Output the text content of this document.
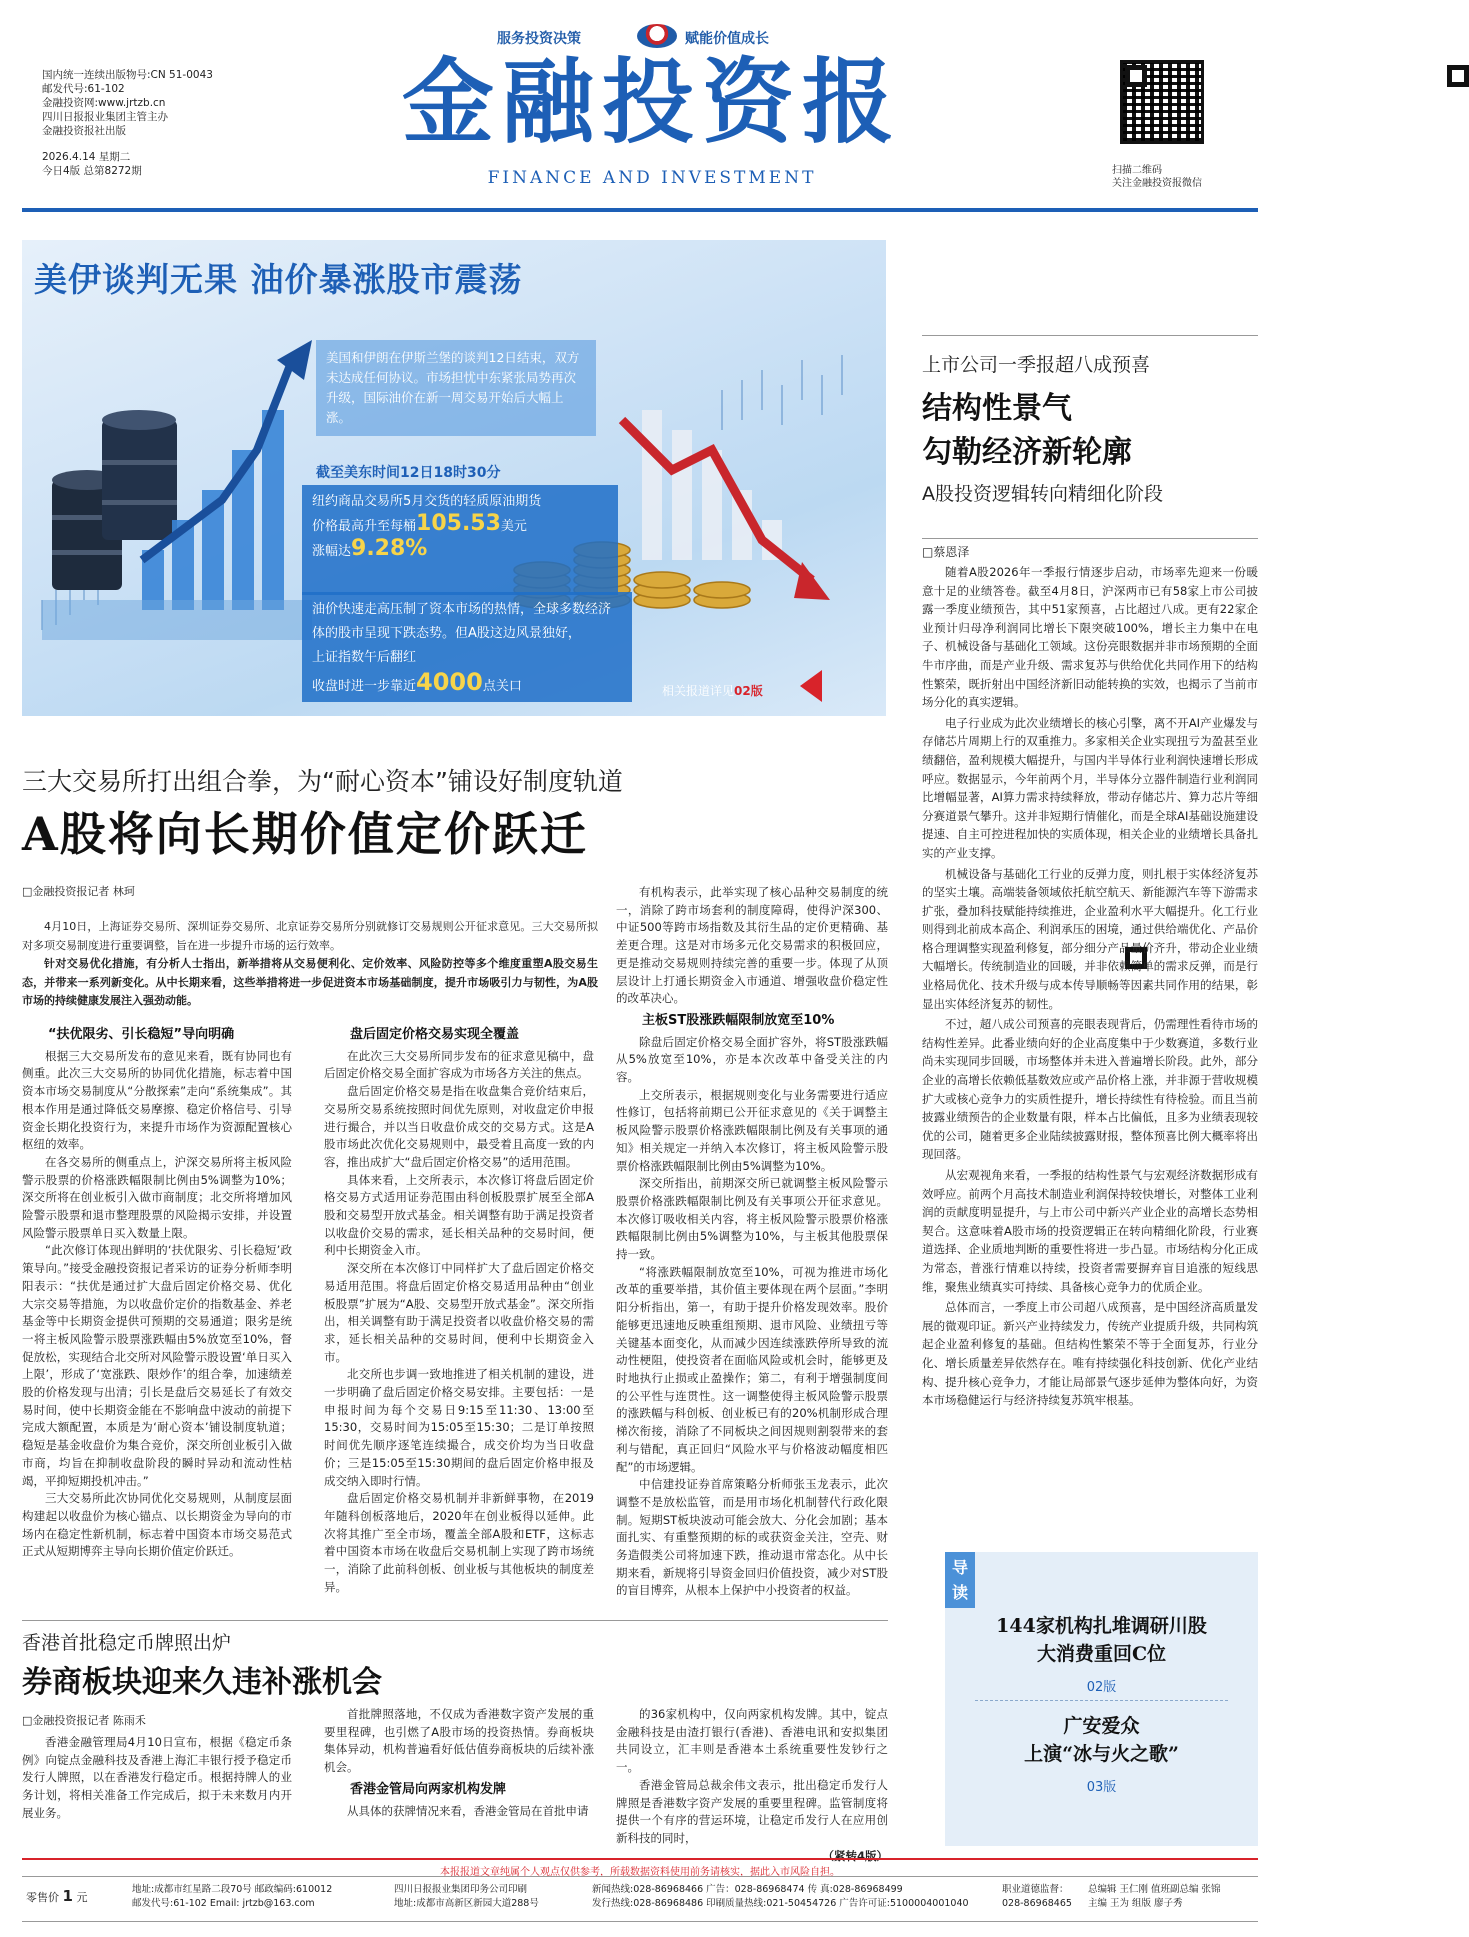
服务投资决策	赋能价值成长
国内统一连续出版物号:CN 51-0043
邮发代号:61-102
金融投资网:www.jrtzb.cn
四川日报报业集团主管主办
金融投资报社出版
2026.4.14 星期二
今日4版 总第8272期
金融投资报
FINANCE AND INVESTMENT	扫描二维码
关注金融投资报微信
美伊谈判无果 油价暴涨股市震荡
美国和伊朗在伊斯兰堡的谈判12日结束，双方未达成任何协议。市场担忧中东紧张局势再次升级，国际油价在新一周交易开始后大幅上涨。
截至美东时间12日18时30分
纽约商品交易所5月交货的轻质原油期货
价格最高升至每桶105.53美元
涨幅达9.28%
油价快速走高压制了资本市场的热情，全球多数经济体的股市呈现下跌态势。但A股这边风景独好，
上证指数午后翻红
收盘时进一步靠近4000点关口	相关报道详见02版
上市公司一季报超八成预喜
结构性景气
勾勒经济新轮廓
A股投资逻辑转向精细化阶段
□蔡恩泽

随着A股2026年一季报行情逐步启动，市场率先迎来一份暖意十足的业绩答卷。截至4月8日，沪深两市已有58家上市公司披露一季度业绩预告，其中51家预喜，占比超过八成。更有22家企业预计归母净利润同比增长下限突破100%，增长主力集中在电子、机械设备与基础化工领域。这份亮眼数据并非市场预期的全面牛市序曲，而是产业升级、需求复苏与供给优化共同作用下的结构性繁荣，既折射出中国经济新旧动能转换的实效，也揭示了当前市场分化的真实逻辑。

电子行业成为此次业绩增长的核心引擎，离不开AI产业爆发与存储芯片周期上行的双重推力。多家相关企业实现扭亏为盈甚至业绩翻倍，盈利规模大幅提升，与国内半导体行业利润快速增长形成呼应。数据显示，今年前两个月，半导体分立器件制造行业利润同比增幅显著，AI算力需求持续释放，带动存储芯片、算力芯片等细分赛道景气攀升。这并非短期行情催化，而是全球AI基础设施建设提速、自主可控进程加快的实质体现，相关企业的业绩增长具备扎实的产业支撑。

机械设备与基础化工行业的反弹力度，则扎根于实体经济复苏的坚实土壤。高端装备领域依托航空航天、新能源汽车等下游需求扩张，叠加科技赋能持续推进，企业盈利水平大幅提升。化工行业则得到北前成本高企、利润承压的困境，通过供给端优化、产品价格合理调整实现盈利修复，部分细分产品量价齐升，带动企业业绩大幅增长。传统制造业的回暖，并非依赖简单的需求反弹，而是行业格局优化、技术升级与成本传导顺畅等因素共同作用的结果，彰显出实体经济复苏的韧性。

不过，超八成公司预喜的亮眼表现背后，仍需理性看待市场的结构性差异。此番业绩向好的企业高度集中于少数赛道，多数行业尚未实现同步回暖，市场整体并未进入普遍增长阶段。此外，部分企业的高增长依赖低基数效应或产品价格上涨，并非源于营收规模扩大或核心竞争力的实质性提升，增长持续性有待检验。而且当前披露业绩预告的企业数量有限，样本占比偏低，且多为业绩表现较优的公司，随着更多企业陆续披露财报，整体预喜比例大概率将出现回落。

从宏观视角来看，一季报的结构性景气与宏观经济数据形成有效呼应。前两个月高技术制造业利润保持较快增长，对整体工业利润的贡献度明显提升，与上市公司中新兴产业企业的高增长态势相契合。这意味着A股市场的投资逻辑正在转向精细化阶段，行业赛道选择、企业质地判断的重要性将进一步凸显。市场结构分化正成为常态，普涨行情难以持续，投资者需要摒弃盲目追涨的短线思维，聚焦业绩真实可持续、具备核心竞争力的优质企业。

总体而言，一季度上市公司超八成预喜，是中国经济高质量发展的微观印证。新兴产业持续发力，传统产业提质升级，共同构筑起企业盈利修复的基础。但结构性繁荣不等于全面复苏，行业分化、增长质量差异依然存在。唯有持续强化科技创新、优化产业结构、提升核心竞争力，才能让局部景气逐步延伸为整体向好，为资本市场稳健运行与经济持续复苏筑牢根基。

三大交易所打出组合拳，为“耐心资本”铺设好制度轨道
A股将向长期价值定价跃迁
□金融投资报记者 林珂

4月10日，上海证券交易所、深圳证券交易所、北京证券交易所分别就修订交易规则公开征求意见。三大交易所拟对多项交易制度进行重要调整，旨在进一步提升市场的运行效率。

针对交易优化措施，有分析人士指出，新举措将从交易便利化、定价效率、风险防控等多个维度重塑A股交易生态，并带来一系列新变化。从中长期来看，这些举措将进一步促进资本市场基础制度，提升市场吸引力与韧性，为A股市场的持续健康发展注入强劲动能。

“扶优限劣、引长稳短”导向明确

根据三大交易所发布的意见来看，既有协同也有侧重。此次三大交易所的协同优化措施，标志着中国资本市场交易制度从“分散探索”走向“系统集成”。其根本作用是通过降低交易摩擦、稳定价格信号、引导资金长期化投资行为，来提升市场作为资源配置核心枢纽的效率。

在各交易所的侧重点上，沪深交易所将主板风险警示股票的价格涨跌幅限制比例由5%调整为10%；深交所将在创业板引入做市商制度；北交所将增加风险警示股票和退市整理股票的风险揭示安排，并设置风险警示股票单日买入数量上限。

“此次修订体现出鲜明的‘扶优限劣、引长稳短’政策导向。”接受金融投资报记者采访的证券分析师李明阳表示：“扶优是通过扩大盘后固定价格交易、优化大宗交易等措施，为以收盘价定价的指数基金、养老基金等中长期资金提供可预期的交易通道；限劣是统一将主板风险警示股票涨跌幅由5%放宽至10%，督促放松，实现结合北交所对风险警示股设置‘单日买入上限’，形成了‘宽涨跌、限炒作’的组合拳，加速绩差股的价格发现与出清；引长是盘后交易延长了有效交易时间，使中长期资金能在不影响盘中波动的前提下完成大额配置，本质是为‘耐心资本’铺设制度轨道；稳短是基金收盘价为集合竞价，深交所创业板引入做市商，均旨在抑制收盘阶段的瞬时异动和流动性枯竭，平抑短期投机冲击。”

三大交易所此次协同优化交易规则，从制度层面构建起以收盘价为核心锚点、以长期资金为导向的市场内在稳定性新机制，标志着中国资本市场交易范式正式从短期博弈主导向长期价值定价跃迁。

盘后固定价格交易实现全覆盖

在此次三大交易所同步发布的征求意见稿中，盘后固定价格交易全面扩容成为市场各方关注的焦点。

盘后固定价格交易是指在收盘集合竞价结束后，交易所交易系统按照时间优先原则，对收盘定价申报进行撮合，并以当日收盘价成交的交易方式。这是A股市场此次优化交易规则中，最受着且高度一致的内容，推出成扩大“盘后固定价格交易”的适用范围。

具体来看，上交所表示，本次修订将盘后固定价格交易方式适用证券范围由科创板股票扩展至全部A股和交易型开放式基金。相关调整有助于满足投资者以收盘价交易的需求，延长相关品种的交易时间，便利中长期资金入市。

深交所在本次修订中同样扩大了盘后固定价格交易适用范围。将盘后固定价格交易适用品种由“创业板股票”扩展为“A股、交易型开放式基金”。深交所指出，相关调整有助于满足投资者以收盘价格交易的需求，延长相关品种的交易时间，便利中长期资金入市。

北交所也步调一致地推进了相关机制的建设，进一步明确了盘后固定价格交易安排。主要包括：一是申报时间为每个交易日9:15至11:30、13:00至15:30，交易时间为15:05至15:30；二是订单按照时间优先顺序逐笔连续撮合，成交价均为当日收盘价；三是15:05至15:30期间的盘后固定价格申报及成交纳入即时行情。

盘后固定价格交易机制并非新鲜事物，在2019年随科创板落地后，2020年在创业板得以延伸。此次将其推广至全市场，覆盖全部A股和ETF，这标志着中国资本市场在收盘后交易机制上实现了跨市场统一，消除了此前科创板、创业板与其他板块的制度差异。

有机构表示，此举实现了核心品种交易制度的统一，消除了跨市场套利的制度障碍，使得沪深300、中证500等跨市场指数及其衍生品的定价更精确、基差更合理。这是对市场多元化交易需求的积极回应，更是推动交易规则持续完善的重要一步。体现了从顶层设计上打通长期资金入市通道、增强收盘价稳定性的改革决心。

主板ST股涨跌幅限制放宽至10%

除盘后固定价格交易全面扩容外，将ST股涨跌幅从5%放宽至10%，亦是本次改革中备受关注的内容。

上交所表示，根据规则变化与业务需要进行适应性修订，包括将前期已公开征求意见的《关于调整主板风险警示股票价格涨跌幅限制比例及有关事项的通知》相关规定一并纳入本次修订，将主板风险警示股票价格涨跌幅限制比例由5%调整为10%。

深交所指出，前期深交所已就调整主板风险警示股票价格涨跌幅限制比例及有关事项公开征求意见。本次修订吸收相关内容，将主板风险警示股票价格涨跌幅限制比例由5%调整为10%，与主板其他股票保持一致。

“将涨跌幅限制放宽至10%，可视为推进市场化改革的重要举措，其价值主要体现在两个层面。”李明阳分析指出，第一，有助于提升价格发现效率。股价能够更迅速地反映重组预期、退市风险、业绩扭亏等关键基本面变化，从而减少因连续涨跌停所导致的流动性梗阻，使投资者在面临风险或机会时，能够更及时地执行止损或止盈操作；第二，有利于增强制度间的公平性与连贯性。这一调整使得主板风险警示股票的涨跌幅与科创板、创业板已有的20%机制形成合理梯次衔接，消除了不同板块之间因规则割裂带来的套利与错配，真正回归“风险水平与价格波动幅度相匹配”的市场逻辑。

中信建投证券首席策略分析师张玉龙表示，此次调整不是放松监管，而是用市场化机制替代行政化限制。短期ST板块波动可能会放大、分化会加剧；基本面扎实、有重整预期的标的或获资金关注，空壳、财务造假类公司将加速下跌，推动退市常态化。从中长期来看，新规将引导资金回归价值投资，减少对ST股的盲目博弈，从根本上保护中小投资者的权益。

香港首批稳定币牌照出炉
券商板块迎来久违补涨机会
□金融投资报记者 陈雨禾

香港金融管理局4月10日宣布，根据《稳定币条例》向锭点金融科技及香港上海汇丰银行授予稳定币发行人牌照，以在香港发行稳定币。根据持牌人的业务计划，将相关准备工作完成后，拟于未来数月内开展业务。

首批牌照落地，不仅成为香港数字资产发展的重要里程碑，也引燃了A股市场的投资热情。券商板块集体异动，机构普遍看好低估值券商板块的后续补涨机会。

香港金管局向两家机构发牌

从具体的获牌情况来看，香港金管局在首批申请

的36家机构中，仅向两家机构发牌。其中，锭点金融科技是由渣打银行(香港)、香港电讯和安拟集团共同设立，汇丰则是香港本土系统重要性发钞行之一。

香港金管局总裁余伟文表示，批出稳定币发行人牌照是香港数字资产发展的重要里程碑。监管制度将提供一个有序的营运环境，让稳定币发行人在应用创新科技的同时，

（紧转4版）
导读
144家机构扎堆调研川股
大消费重回C位
02版
广安爱众
上演“冰与火之歌”
03版
本报报道文章纯属个人观点仅供参考，所载数据资料使用前务请核实，据此入市风险自担。
零售价 1 元
地址:成都市红星路二段70号 邮政编码:610012
邮发代号:61-102 Email: jrtzb@163.com
四川日报报业集团印务公司印刷
地址:成都市高新区新园大道288号
新闻热线:028-86968466 广告：028-86968474 传 真:028-86968499
发行热线:028-86968486 印刷质量热线:021-50454726 广告许可证:5100004001040
职业道德监督：
028-86968465
总编辑 王仁刚 值班副总编 张锦
主编 王为 组版 廖子秀
